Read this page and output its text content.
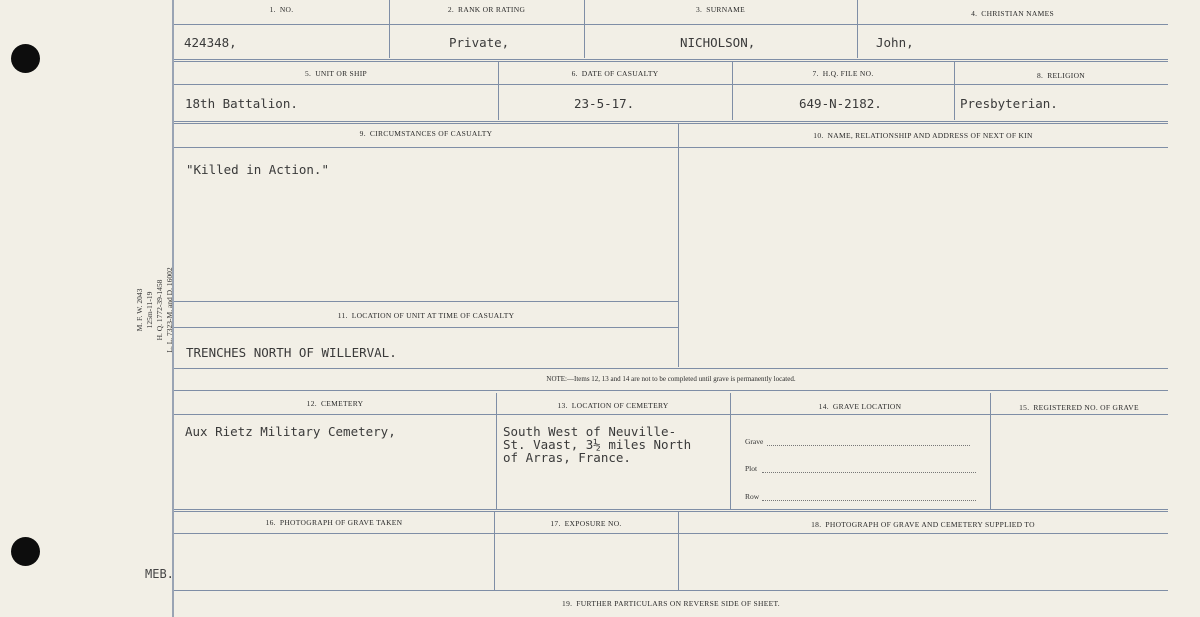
M. F. W. 2043 125m-11-19 H. Q. 1772-39-1458 L. L. 7323-M. and D. 16002
MEB.
1. NO.	2. RANK OR RATING	3. SURNAME	4. CHRISTIAN NAMES
424348,	Private,	NICHOLSON,	John,
5. UNIT OR SHIP	6. DATE OF CASUALTY	7. H.Q. FILE NO.	8. RELIGION
18th Battalion.	23-5-17.	649-N-2182.	Presbyterian.
9. CIRCUMSTANCES OF CASUALTY	10. NAME, RELATIONSHIP AND ADDRESS OF NEXT OF KIN
"Killed in Action."
11. LOCATION OF UNIT AT TIME OF CASUALTY
TRENCHES NORTH OF WILLERVAL.
NOTE:—Items 12, 13 and 14 are not to be completed until grave is permanently located.
12. CEMETERY	13. LOCATION OF CEMETERY	14. GRAVE LOCATION	15. REGISTERED NO. OF GRAVE
Aux Rietz Military Cemetery,	South West of Neuville-
St. Vaast, 3½ miles North
of Arras, France.
Grave
Plot
Row
16. PHOTOGRAPH OF GRAVE TAKEN	17. EXPOSURE NO.	18. PHOTOGRAPH OF GRAVE AND CEMETERY SUPPLIED TO
19. FURTHER PARTICULARS ON REVERSE SIDE OF SHEET.
